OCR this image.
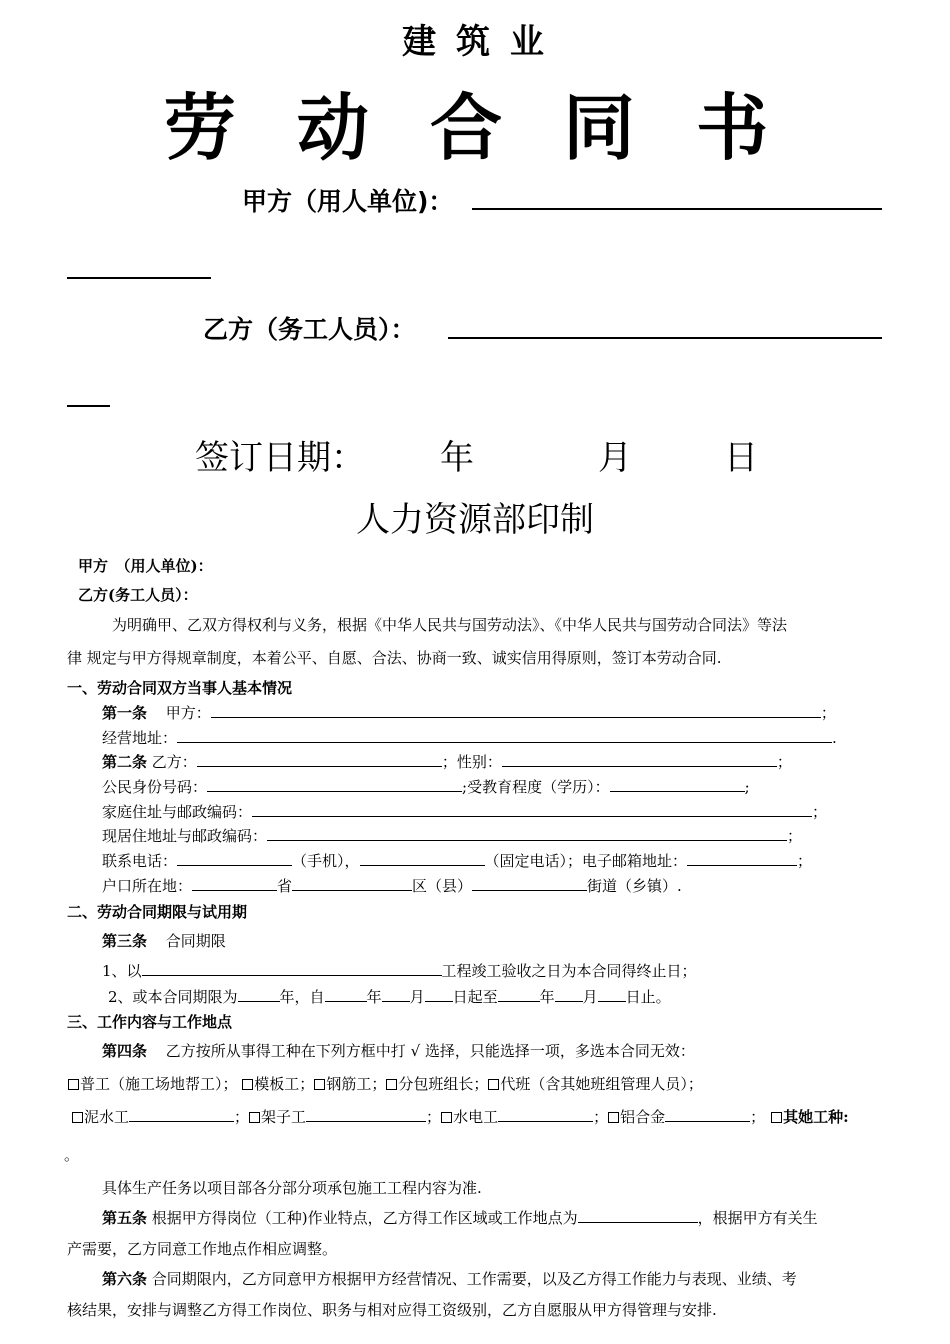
建 筑 业
劳 动 合 同 书
甲方（用人单位)：
乙方（务工人员）：
签订日期： 年	月	日
人力资源部印制
甲方　（用人单位)：
乙方(务工人员）：
为明确甲、乙双方得权利与义务，根据《中华人民共与国劳动法》、《中华人民共与国劳动合同法》等法
律 规定与甲方得规章制度，本着公平、自愿、合法、协商一致、诚实信用得原则，签订本劳动合同.
一、劳动合同双方当事人基本情况
第一条 甲方：	；
经营地址：	.
第二条 乙方：	；性别：	；
公民身份号码：	;受教育程度（学历）：	;
家庭住址与邮政编码：	；
现居住地址与邮政编码：	；
联系电话：	（手机），	（固定电话）；电子邮箱地址：	；
户口所在地：	省	区（县）	街道（乡镇）.
二、劳动合同期限与试用期
第三条 合同期限
1、以	工程竣工验收之日为本合同得终止日；
2、或本合同期限为	年，自	年 月 日起至	年 月 日止。
三、工作内容与工作地点
第四条 乙方按所从事得工种在下列方框中打 √ 选择，只能选择一项，多选本合同无效：
普工（施工场地帮工）； 模板工； 钢筋工； 分包班组长； 代班（含其她班组管理人员）；
泥水工	； 架子工	； 水电工	； 铝合金	； 其她工种:
。
具体生产任务以项目部各分部分项承包施工工程内容为准.
第五条 根据甲方得岗位（工种)作业特点，乙方得工作区域或工作地点为	，根据甲方有关生
产需要，乙方同意工作地点作相应调整。
第六条 合同期限内，乙方同意甲方根据甲方经营情况、工作需要，以及乙方得工作能力与表现、业绩、考
核结果，安排与调整乙方得工作岗位、职务与相对应得工资级别，乙方自愿服从甲方得管理与安排.
